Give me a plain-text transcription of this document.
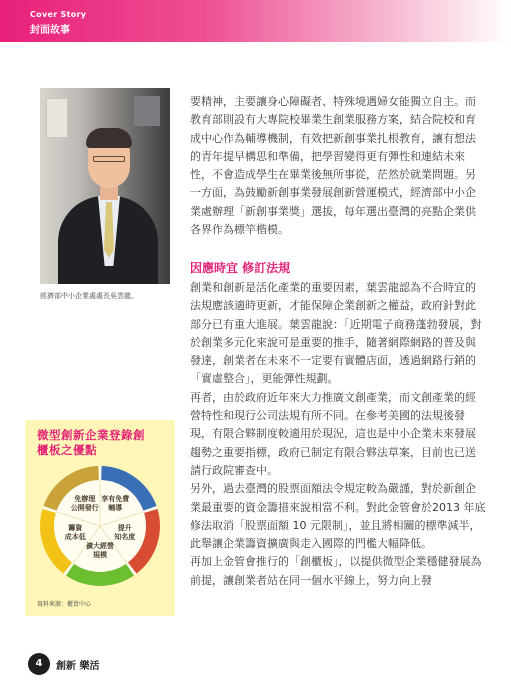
Cover Story
封面故事
經濟部中小企業處處長吳雲龍。
微型創新企業登錄創
櫃板之優點
免辦理公開發行
享有免費輔導
提升知名度
擴大經營規模
籌資成本低
資料來源：櫃買中心

要精神，主要讓身心障礙者、特殊境遇婦女能獨立自主。而教育部則設有大專院校畢業生創業服務方案，結合院校和育成中心作為輔導機制，有效把新創事業扎根教育，讓有想法的青年提早構思和準備，把學習變得更有彈性和連結未來性，不會造成學生在畢業後無所事從，茫然於就業問題。另一方面，為鼓勵新創事業發展創新營運模式，經濟部中小企業處辦理「新創事業獎」選拔，每年選出臺灣的亮點企業供各界作為標竿楷模。

因應時宜 修訂法規

創業和創新是活化產業的重要因素，葉雲龍認為不合時宜的法規應該適時更新，才能保障企業創新之權益，政府針對此部分已有重大進展。葉雲龍說：「近期電子商務蓬勃發展，對於創業多元化來說可是重要的推手，隨著網際網路的普及與發達，創業者在未來不一定要有實體店面，透過網路行銷的「實虛整合」，更能彈性規劃。

再者，由於政府近年來大力推廣文創產業，而文創產業的經營特性和現行公司法規有所不同。在參考美國的法規後發現，有限合夥制度較適用於現況，這也是中小企業未來發展趨勢之重要指標，政府已制定有限合夥法草案，目前也已送請行政院審查中。

另外，過去臺灣的股票面額法令規定較為嚴謹，對於新創企業最重要的資金籌措來說相當不利。對此金管會於2013 年底修法取消「股票面額 10 元限制」，並且將相關的標準減半，此舉讓企業籌資擴廣與走入國際的門檻大幅降低。

再加上金管會推行的「創櫃板」，以提供微型企業穩健發展為前提，讓創業者站在同一個水平線上，努力向上發

4	創新 樂活
